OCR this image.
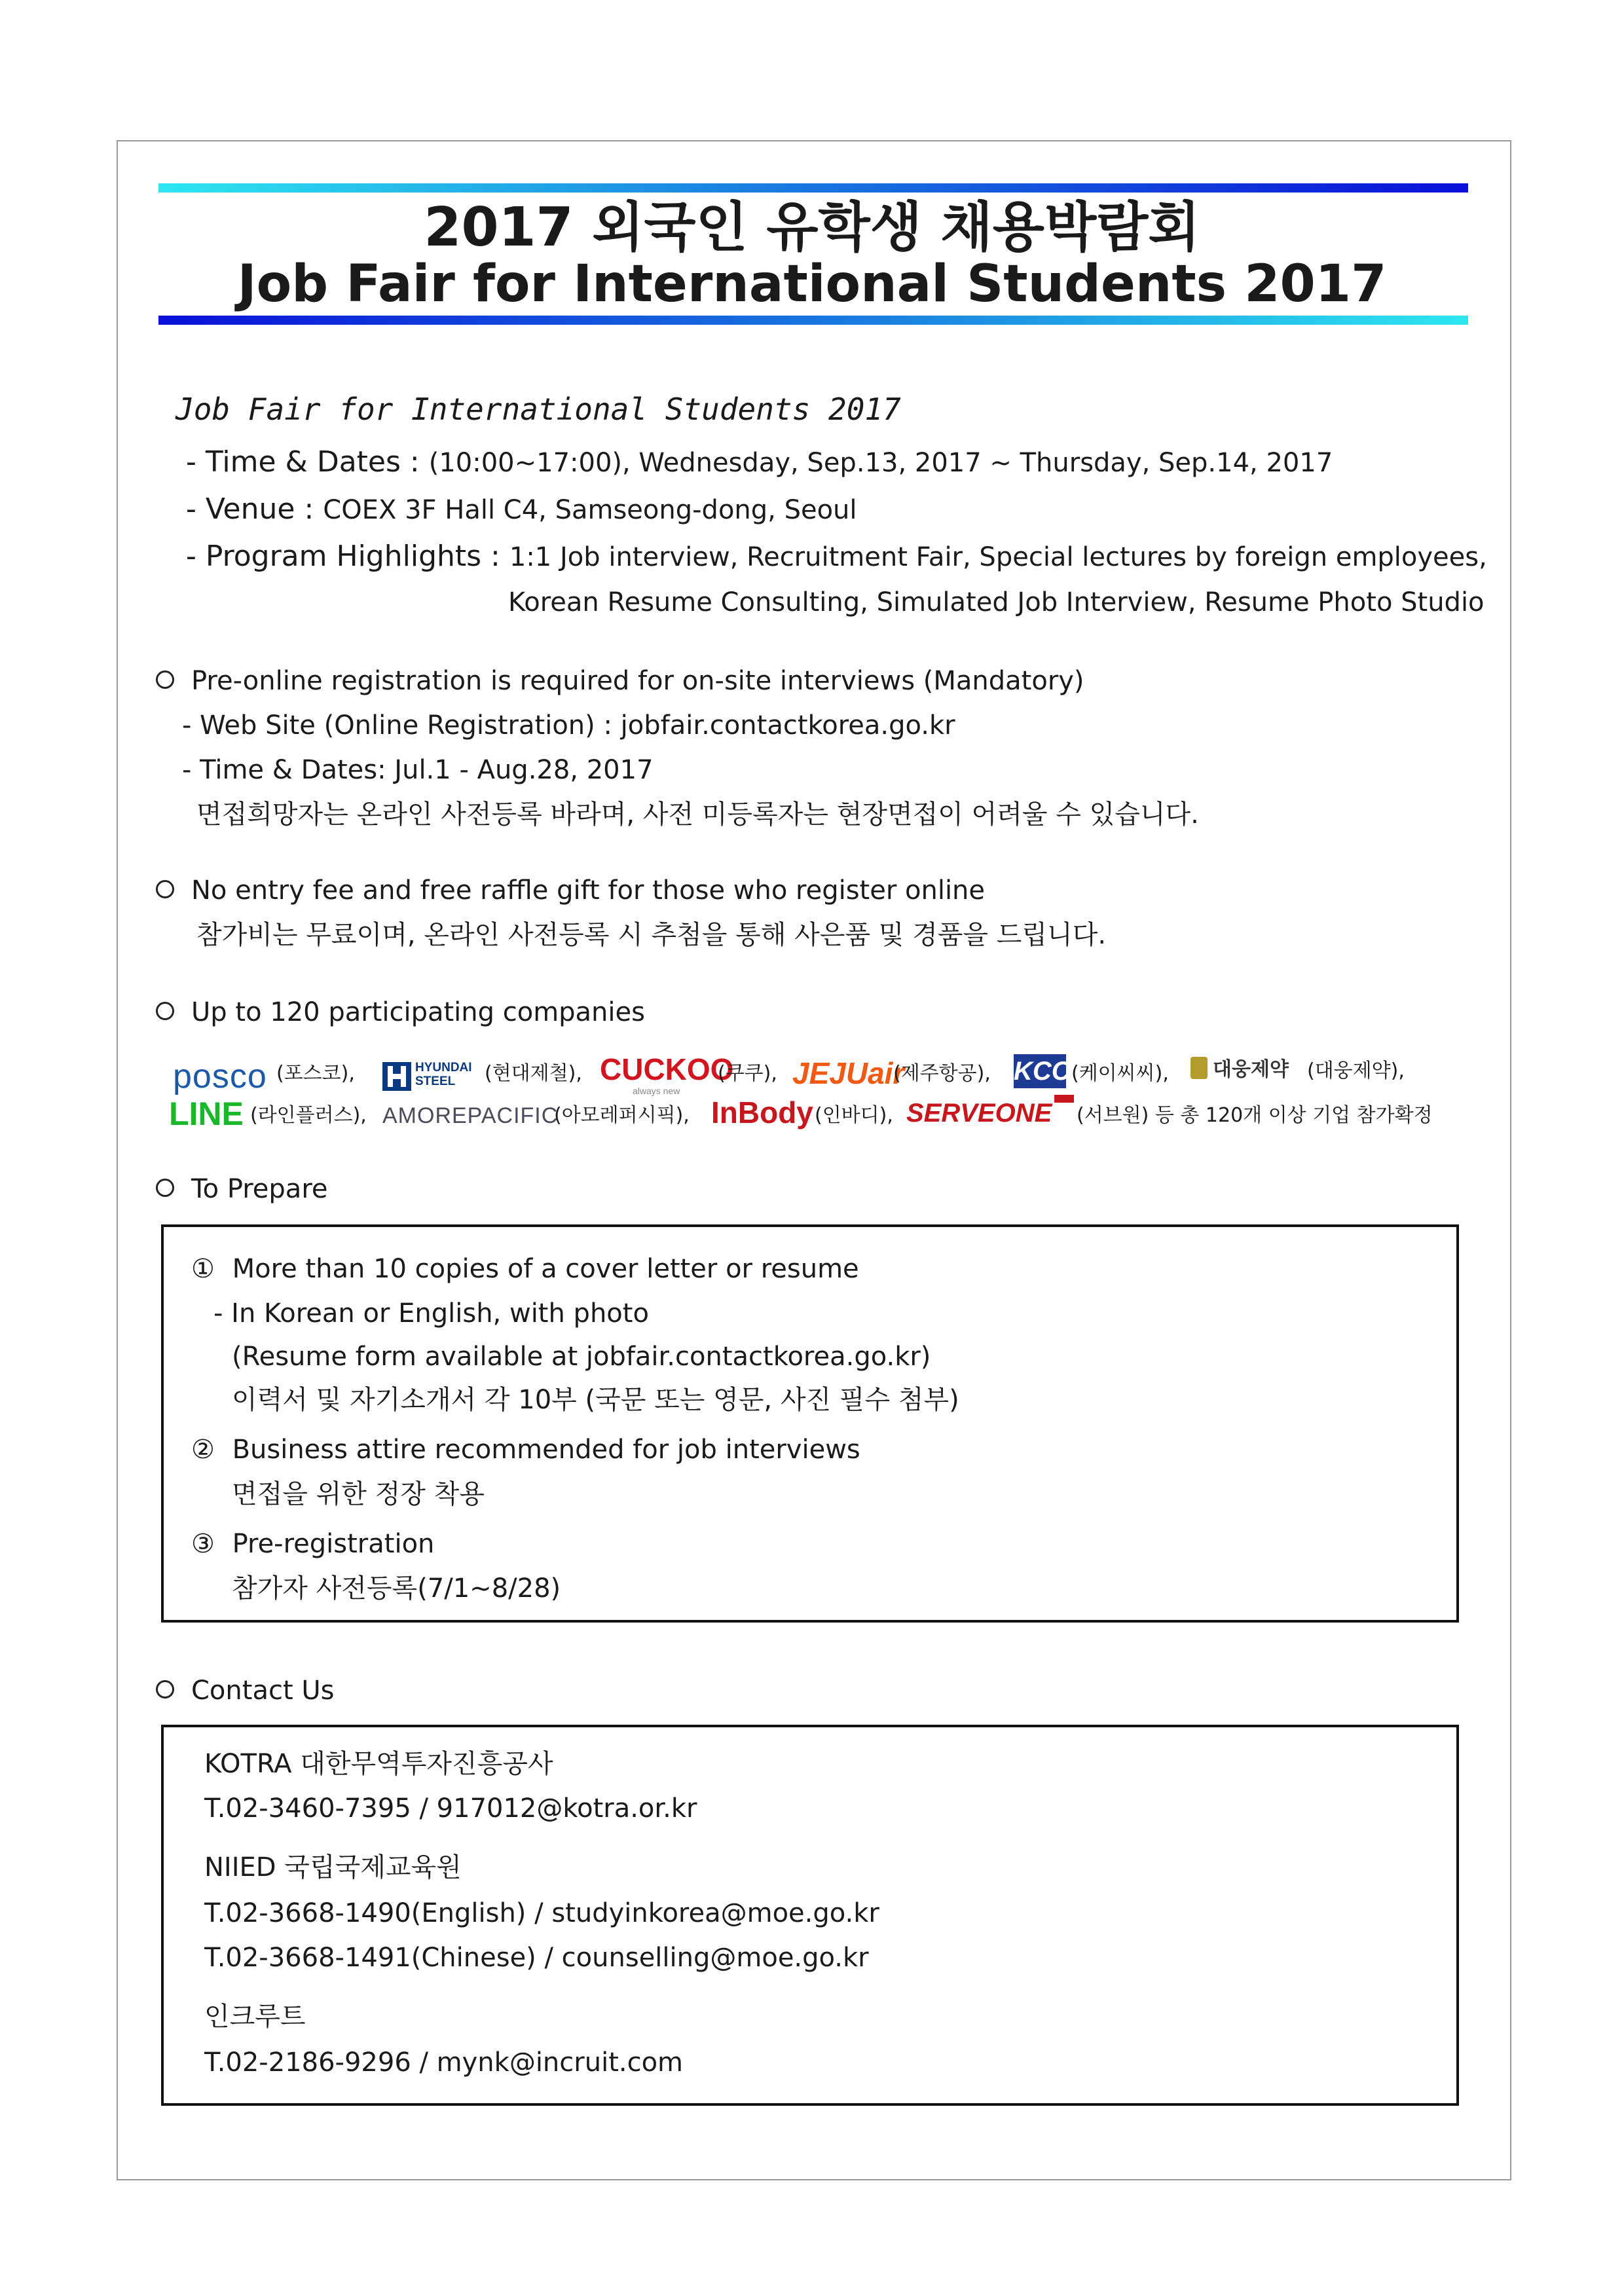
2017 외국인 유학생 채용박람회
Job Fair for International Students 2017
Job Fair for International Students 2017
- Time & Dates : (10:00~17:00), Wednesday, Sep.13, 2017 ~ Thursday, Sep.14, 2017
- Venue : COEX 3F Hall C4, Samseong-dong, Seoul
- Program Highlights : 1:1 Job interview, Recruitment Fair, Special lectures by foreign employees,
Korean Resume Consulting, Simulated Job Interview, Resume Photo Studio
Pre-online registration is required for on-site interviews (Mandatory)
- Web Site (Online Registration) : jobfair.contactkorea.go.kr
- Time & Dates: Jul.1 - Aug.28, 2017
면접희망자는 온라인 사전등록 바라며, 사전 미등록자는 현장면접이 어려울 수 있습니다.
No entry fee and free raffle gift for those who register online
참가비는 무료이며, 온라인 사전등록 시 추첨을 통해 사은품 및 경품을 드립니다.
Up to 120 participating companies
posco (포스코),	HYUNDAI STEEL	(현대제철), CUCKOO
always new
(쿠쿠), JEJUair
(제주항공), KCC (케이씨씨), 대웅제약 (대웅제약),
LINE (라인플러스), AMOREPACIFIC
(아모레퍼시픽), InBody (인바디), SERVEONE (서브원) 등 총 120개 이상 기업 참가확정
To Prepare
① More than 10 copies of a cover letter or resume
- In Korean or English, with photo
(Resume form available at jobfair.contactkorea.go.kr)
이력서 및 자기소개서 각 10부 (국문 또는 영문, 사진 필수 첨부)
② Business attire recommended for job interviews
면접을 위한 정장 착용
③ Pre-registration
참가자 사전등록(7/1~8/28)
Contact Us
KOTRA 대한무역투자진흥공사
T.02-3460-7395 / 917012@kotra.or.kr
NIIED 국립국제교육원
T.02-3668-1490(English) / studyinkorea@moe.go.kr
T.02-3668-1491(Chinese) / counselling@moe.go.kr
인크루트
T.02-2186-9296 / mynk@incruit.com
